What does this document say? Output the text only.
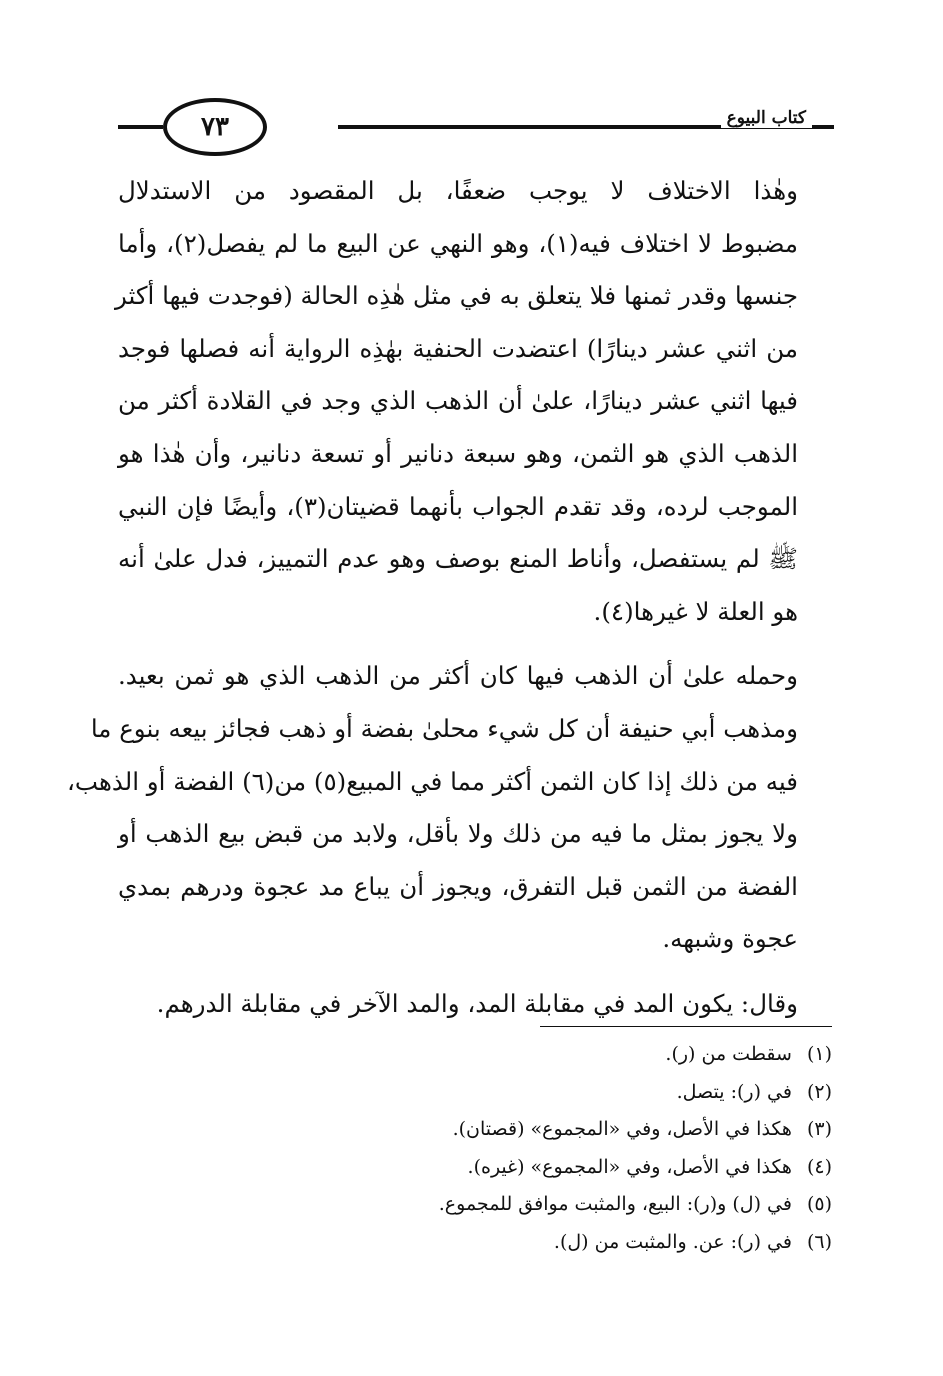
كتاب البيوع
٧٣
وهٰذا الاختلاف لا يوجب ضعفًا، بل المقصود من الاستدلال
مضبوط لا اختلاف فيه(١)، وهو النهي عن البيع ما لم يفصل(٢)، وأما
جنسها وقدر ثمنها فلا يتعلق به في مثل هٰذِه الحالة (فوجدت فيها أكثر
من اثني عشر دينارًا) اعتضدت الحنفية بهٰذِه الرواية أنه فصلها فوجد
فيها اثني عشر دينارًا، علىٰ أن الذهب الذي وجد في القلادة أكثر من
الذهب الذي هو الثمن، وهو سبعة دنانير أو تسعة دنانير، وأن هٰذا هو
الموجب لرده، وقد تقدم الجواب بأنهما قضيتان(٣)، وأيضًا فإن النبي
ﷺ لم يستفصل، وأناط المنع بوصف وهو عدم التمييز، فدل علىٰ أنه
هو العلة لا غيرها(٤).
وحمله علىٰ أن الذهب فيها كان أكثر من الذهب الذي هو ثمن بعيد.
ومذهب أبي حنيفة أن كل شيء محلىٰ بفضة أو ذهب فجائز بيعه بنوع ما
فيه من ذلك إذا كان الثمن أكثر مما في المبيع(٥) من(٦) الفضة أو الذهب،
ولا يجوز بمثل ما فيه من ذلك ولا بأقل، ولابد من قبض بيع الذهب أو
الفضة من الثمن قبل التفرق، ويجوز أن يباع مد عجوة ودرهم بمدي
عجوة وشبهه.
وقال: يكون المد في مقابلة المد، والمد الآخر في مقابلة الدرهم.
(١) سقطت من (ر).
(٢) في (ر): يتصل.
(٣) هكذا في الأصل، وفي «المجموع» (قصتان).
(٤) هكذا في الأصل، وفي «المجموع» (غيره).
(٥) في (ل) و(ر): البيع، والمثبت موافق للمجموع.
(٦) في (ر): عن. والمثبت من (ل).
